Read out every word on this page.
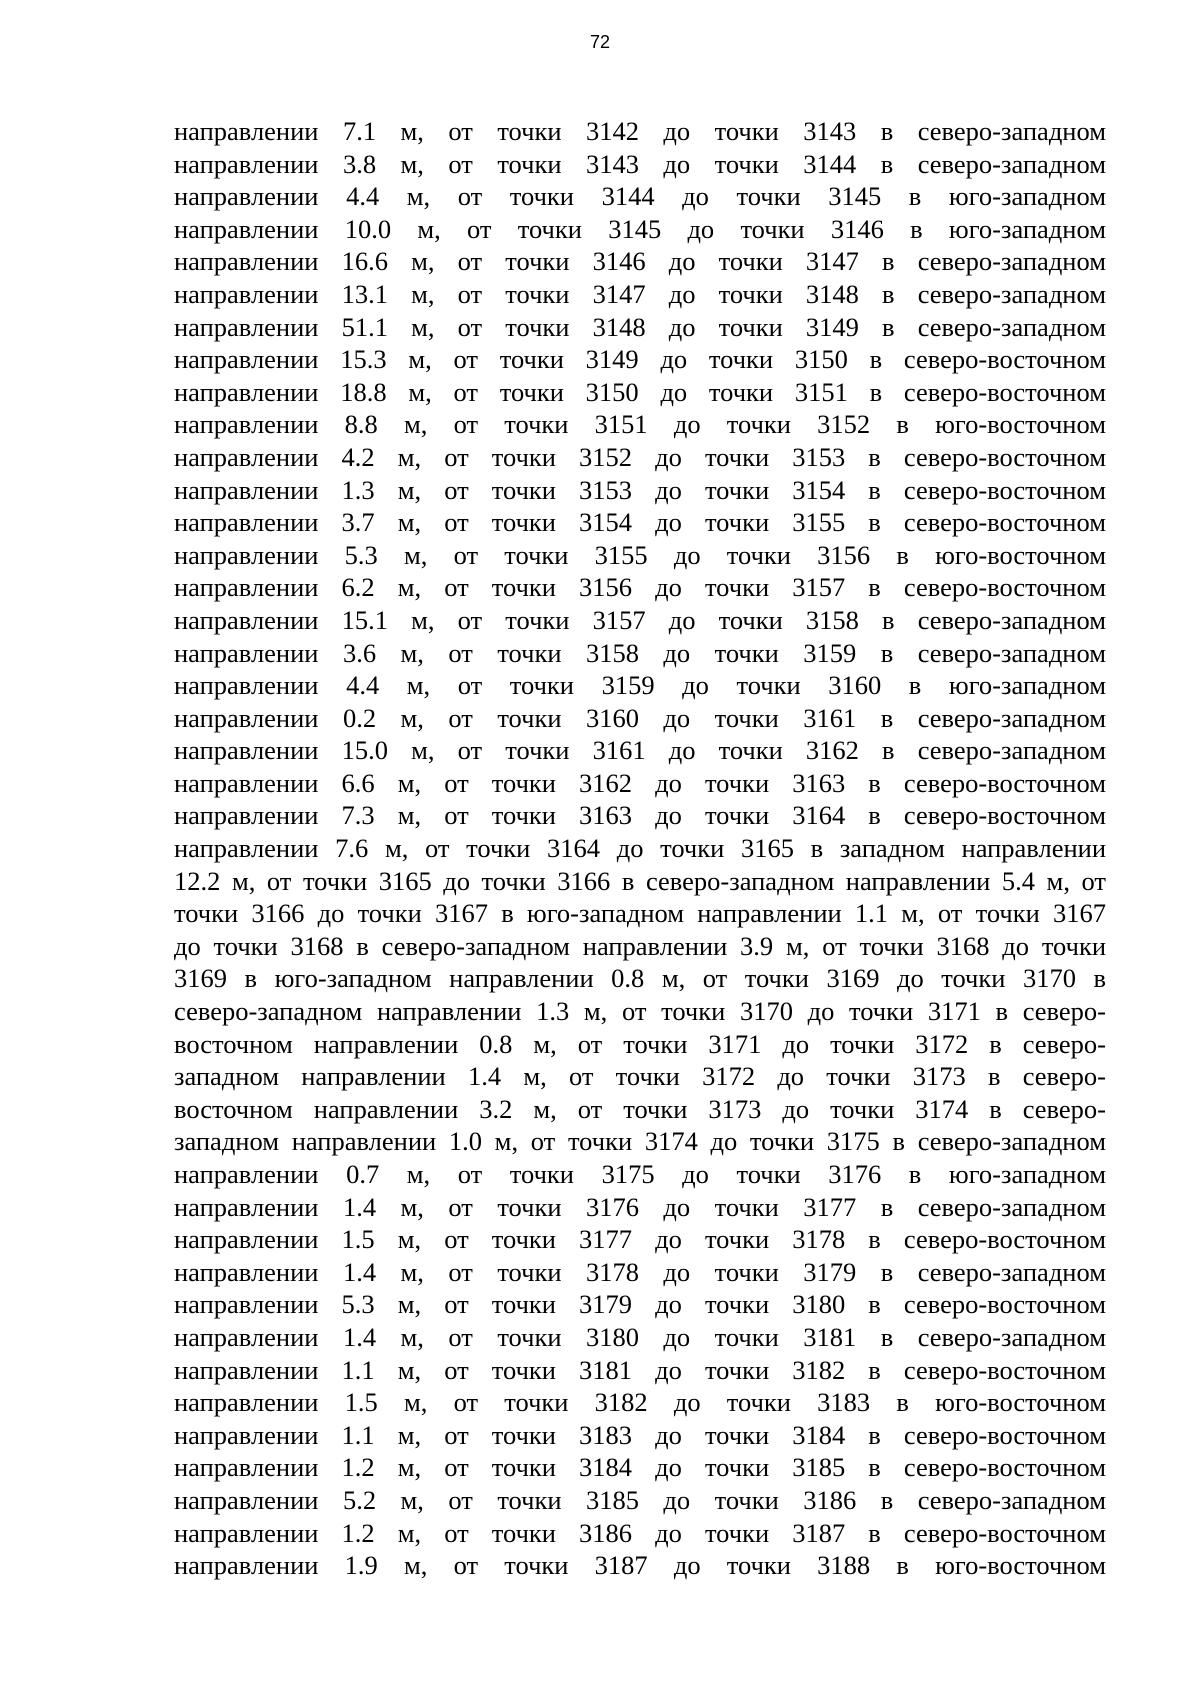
72
направлении 7.1 м, от точки 3142 до точки 3143 в северо-западном
направлении 3.8 м, от точки 3143 до точки 3144 в северо-западном
направлении 4.4 м, от точки 3144 до точки 3145 в юго-западном
направлении 10.0 м, от точки 3145 до точки 3146 в юго-западном
направлении 16.6 м, от точки 3146 до точки 3147 в северо-западном
направлении 13.1 м, от точки 3147 до точки 3148 в северо-западном
направлении 51.1 м, от точки 3148 до точки 3149 в северо-западном
направлении 15.3 м, от точки 3149 до точки 3150 в северо-восточном
направлении 18.8 м, от точки 3150 до точки 3151 в северо-восточном
направлении 8.8 м, от точки 3151 до точки 3152 в юго-восточном
направлении 4.2 м, от точки 3152 до точки 3153 в северо-восточном
направлении 1.3 м, от точки 3153 до точки 3154 в северо-восточном
направлении 3.7 м, от точки 3154 до точки 3155 в северо-восточном
направлении 5.3 м, от точки 3155 до точки 3156 в юго-восточном
направлении 6.2 м, от точки 3156 до точки 3157 в северо-восточном
направлении 15.1 м, от точки 3157 до точки 3158 в северо-западном
направлении 3.6 м, от точки 3158 до точки 3159 в северо-западном
направлении 4.4 м, от точки 3159 до точки 3160 в юго-западном
направлении 0.2 м, от точки 3160 до точки 3161 в северо-западном
направлении 15.0 м, от точки 3161 до точки 3162 в северо-западном
направлении 6.6 м, от точки 3162 до точки 3163 в северо-восточном
направлении 7.3 м, от точки 3163 до точки 3164 в северо-восточном
направлении 7.6 м, от точки 3164 до точки 3165 в западном направлении
12.2 м, от точки 3165 до точки 3166 в северо-западном направлении 5.4 м, от
точки 3166 до точки 3167 в юго-западном направлении 1.1 м, от точки 3167
до точки 3168 в северо-западном направлении 3.9 м, от точки 3168 до точки
3169 в юго-западном направлении 0.8 м, от точки 3169 до точки 3170 в
северо-западном направлении 1.3 м, от точки 3170 до точки 3171 в северо-
восточном направлении 0.8 м, от точки 3171 до точки 3172 в северо-
западном направлении 1.4 м, от точки 3172 до точки 3173 в северо-
восточном направлении 3.2 м, от точки 3173 до точки 3174 в северо-
западном направлении 1.0 м, от точки 3174 до точки 3175 в северо-западном
направлении 0.7 м, от точки 3175 до точки 3176 в юго-западном
направлении 1.4 м, от точки 3176 до точки 3177 в северо-западном
направлении 1.5 м, от точки 3177 до точки 3178 в северо-восточном
направлении 1.4 м, от точки 3178 до точки 3179 в северо-западном
направлении 5.3 м, от точки 3179 до точки 3180 в северо-восточном
направлении 1.4 м, от точки 3180 до точки 3181 в северо-западном
направлении 1.1 м, от точки 3181 до точки 3182 в северо-восточном
направлении 1.5 м, от точки 3182 до точки 3183 в юго-восточном
направлении 1.1 м, от точки 3183 до точки 3184 в северо-восточном
направлении 1.2 м, от точки 3184 до точки 3185 в северо-восточном
направлении 5.2 м, от точки 3185 до точки 3186 в северо-западном
направлении 1.2 м, от точки 3186 до точки 3187 в северо-восточном
направлении 1.9 м, от точки 3187 до точки 3188 в юго-восточном
